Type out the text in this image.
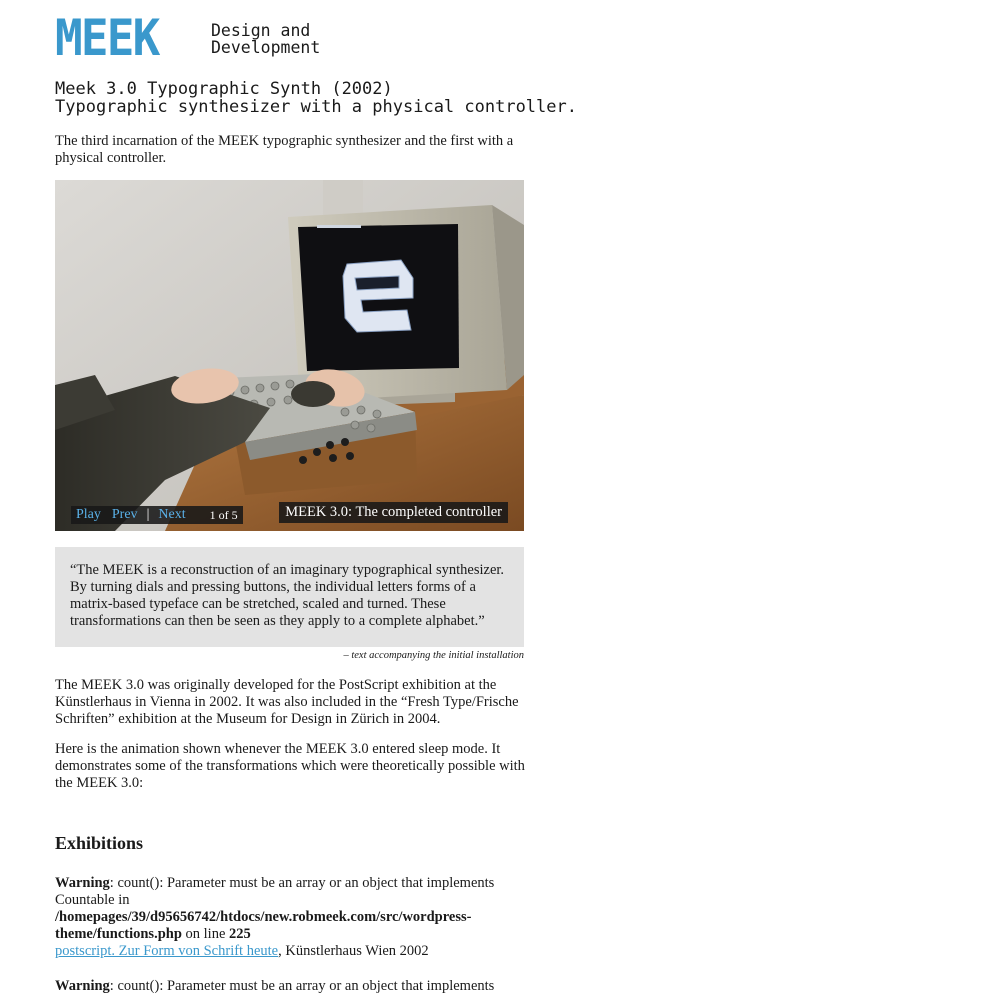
MEEK	Design and
Development
Meek 3.0 Typographic Synth (2002)
Typographic synthesizer with a physical controller.

The third incarnation of the MEEK typographic synthesizer and the first with a physical controller.

Play Prev | Next 1 of 5	MEEK 3.0: The completed controller
“The MEEK is a reconstruction of an imaginary typographical synthesizer. By turning dials and pressing buttons, the individual letters forms of a matrix-based typeface can be stretched, scaled and turned. These transformations can then be seen as they apply to a complete alphabet.”
– text accompanying the initial installation

The MEEK 3.0 was originally developed for the PostScript exhibition at the Künstlerhaus in Vienna in 2002. It was also included in the “Fresh Type/Frische Schriften” exhibition at the Museum for Design in Zürich in 2004.

Here is the animation shown whenever the MEEK 3.0 entered sleep mode. It demonstrates some of the transformations which were theoretically possible with the MEEK 3.0:

Exhibitions

Warning: count(): Parameter must be an array or an object that implements Countable in /homepages/39/d95656742/htdocs/new.robmeek.com/src/wordpress-theme/functions.php on line 225
postscript. Zur Form von Schrift heute, Künstlerhaus Wien 2002

Warning: count(): Parameter must be an array or an object that implements
